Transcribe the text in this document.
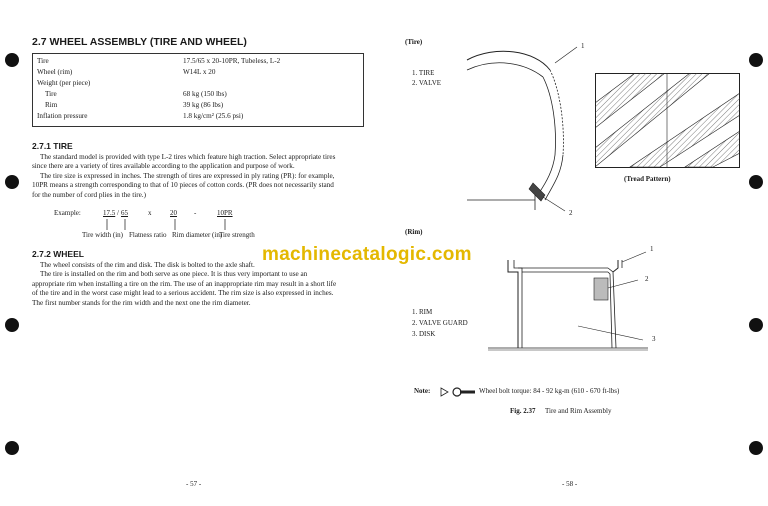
2.7 WHEEL ASSEMBLY (TIRE AND WHEEL)
Tire	17.5/65 x 20-10PR, Tubeless, L-2
Wheel (rim)	W14L x 20
Weight (per piece)
Tire	68 kg (150 lbs)
Rim	39 kg (86 lbs)
Inflation pressure	1.8 kg/cm² (25.6 psi)
2.7.1 TIRE
The standard model is provided with type L-2 tires which feature high traction. Select appropriate tires
since there are a variety of tires available according to the application and purpose of work.
The tire size is expressed in inches. The strength of tires are expressed in ply rating (PR): for example,
10PR means a strength corresponding to that of 10 pieces of cotton cords. (PR does not necessarily stand
for the number of cord plies in the tire.)
Example:	17.5 / 65	x	20 -	10PR
Tire width (in) Flatness ratio Rim diameter (in)
Tire strength
2.7.2 WHEEL
The wheel consists of the rim and disk. The disk is bolted to the axle shaft.
The tire is installed on the rim and both serve as one piece. It is thus very important to use an
appropriate rim when installing a tire on the rim. The use of an inappropriate rim may result in a short life
of the tire and in the worst case might lead to a serious accident. The rim size is also expressed in inches.
The first number stands for the rim width and the next one the rim diameter.
- 57 -
(Tire)
1. TIRE
2. VALVE
1
2
(Tread Pattern)
(Rim)
1. RIM
2. VALVE GUARD
3. DISK
1
2
3
Note:	Wheel bolt torque: 84 - 92 kg-m (610 - 670 ft-lbs)
Fig. 2.37 Tire and Rim Assembly
- 58 -
machinecatalogic.com
